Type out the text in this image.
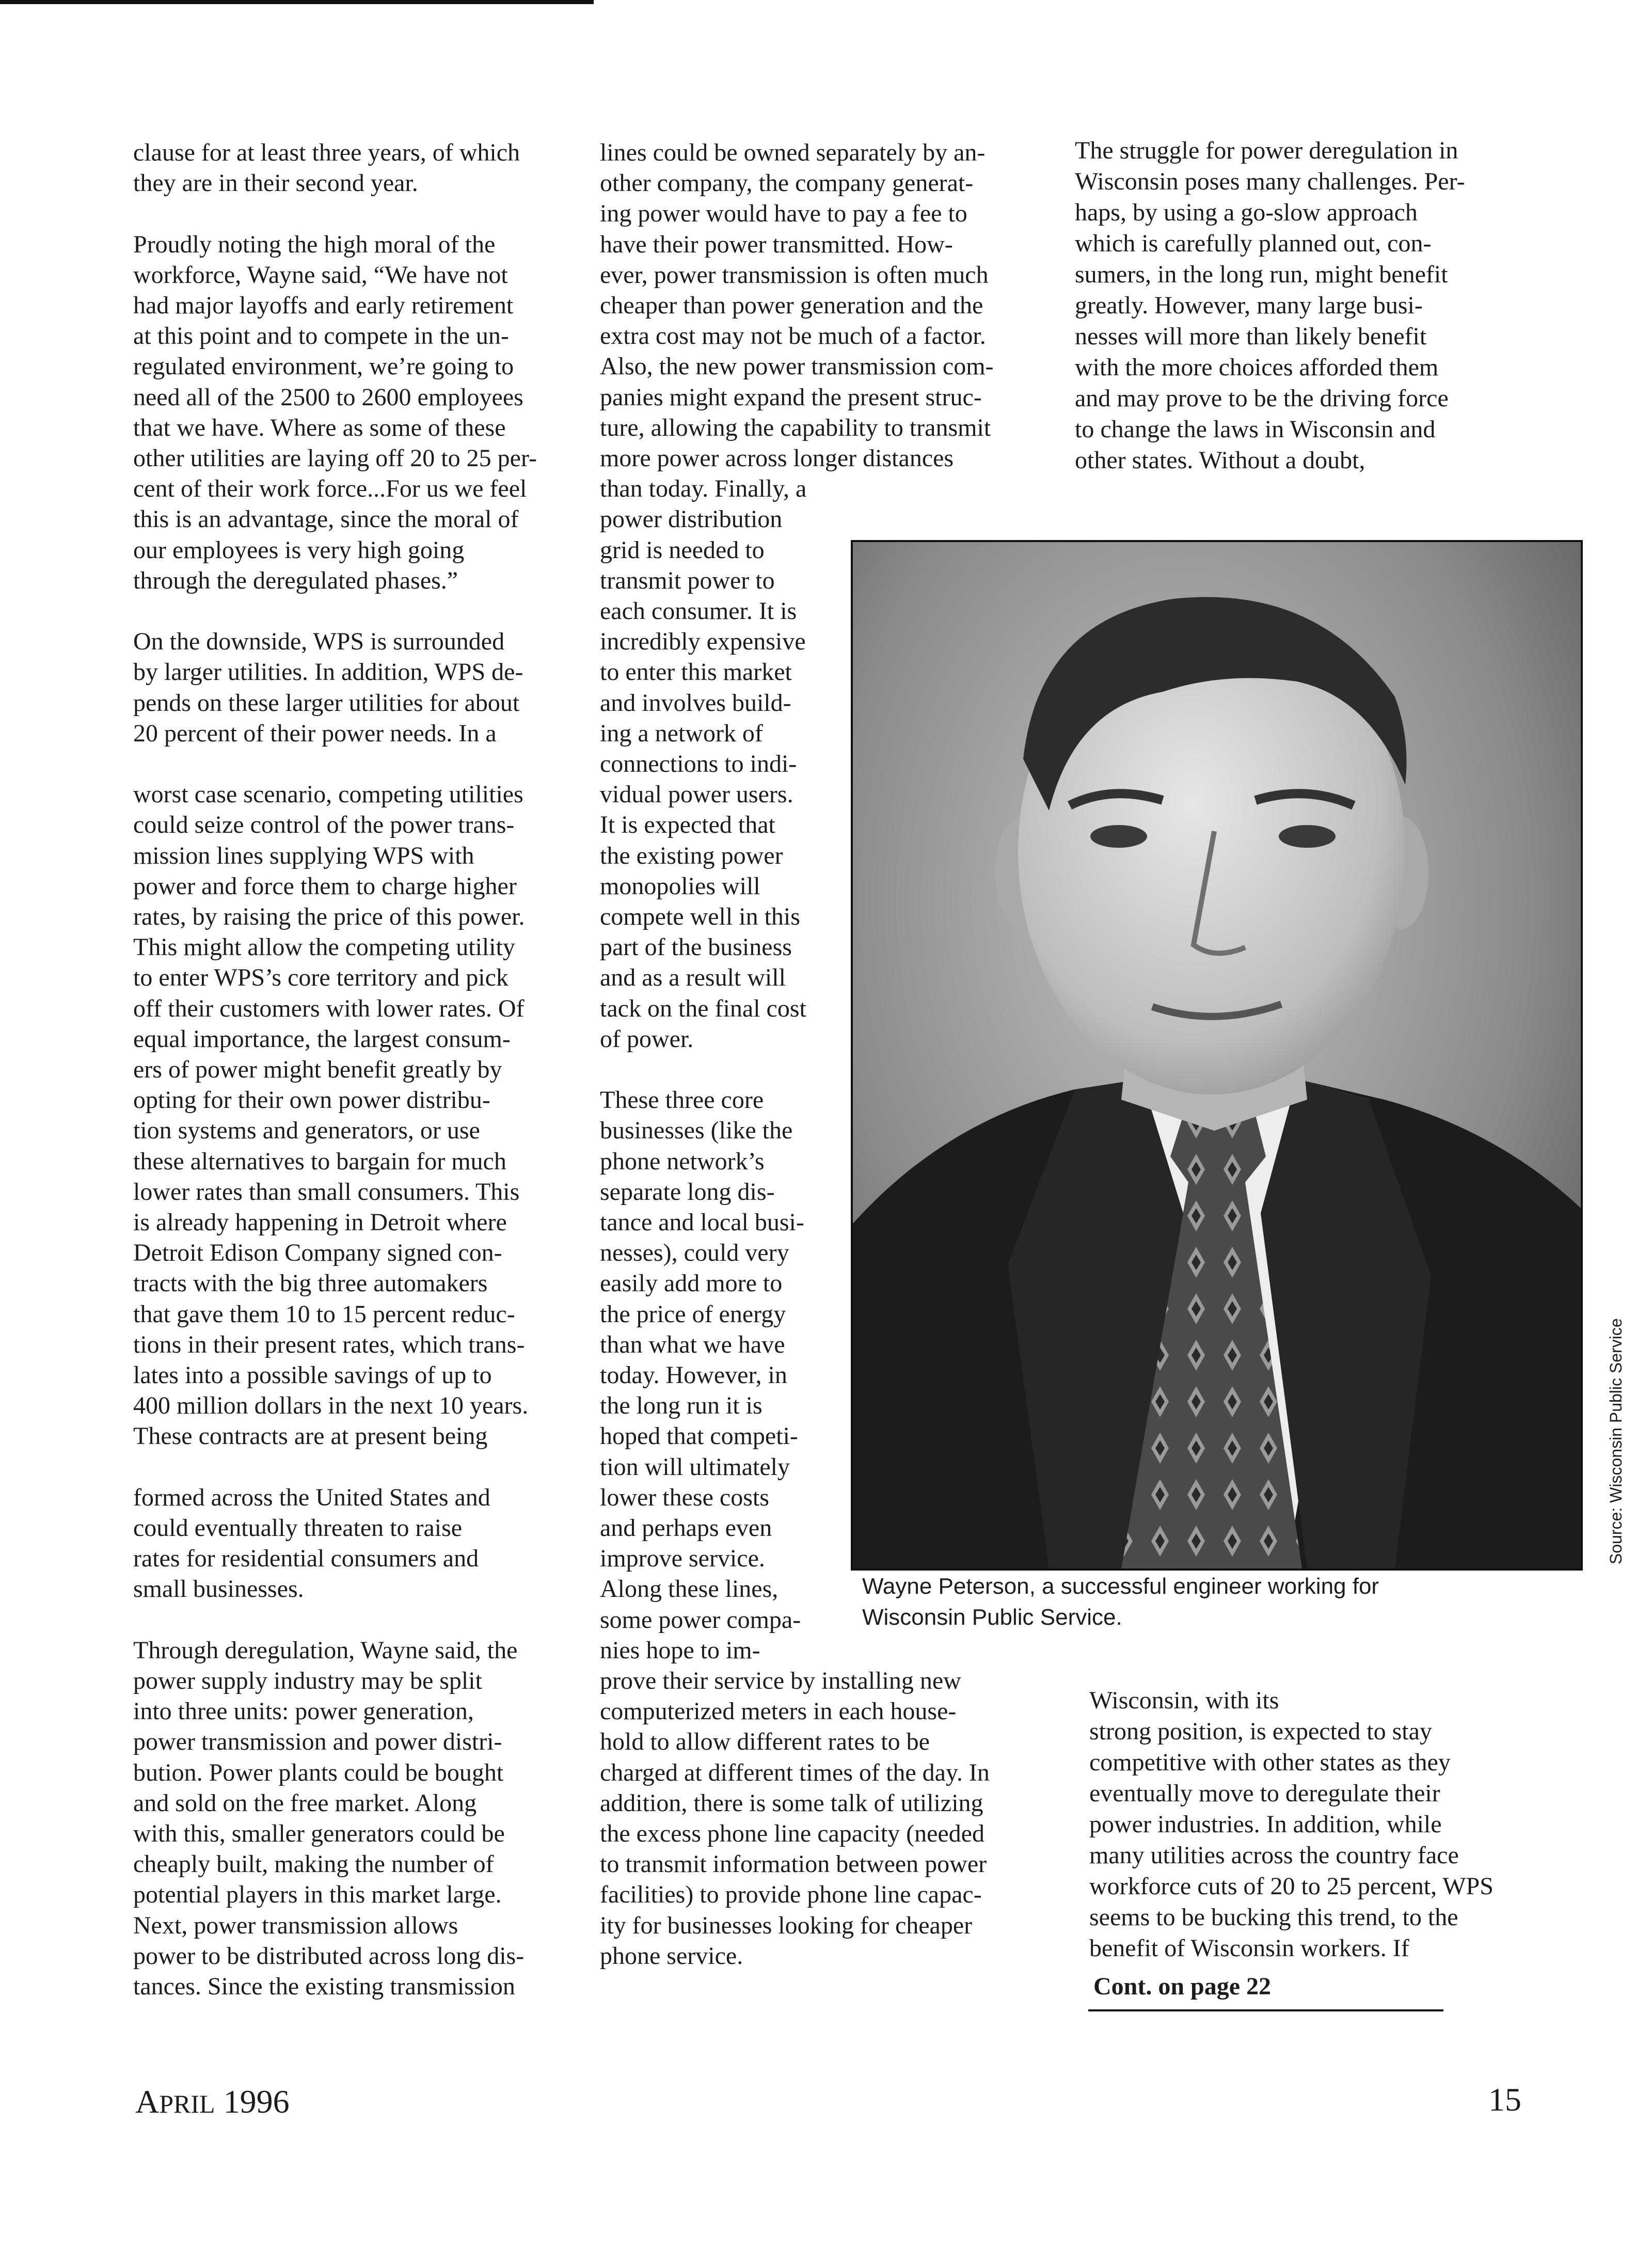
clause for at least three years, of which
they are in their second year.
Proudly noting the high moral of the
workforce, Wayne said, “We have not
had major layoffs and early retirement
at this point and to compete in the un-
regulated environment, we’re going to
need all of the 2500 to 2600 employees
that we have. Where as some of these
other utilities are laying off 20 to 25 per-
cent of their work force...For us we feel
this is an advantage, since the moral of
our employees is very high going
through the deregulated phases.”
On the downside, WPS is surrounded
by larger utilities. In addition, WPS de-
pends on these larger utilities for about
20 percent of their power needs. In a
worst case scenario, competing utilities
could seize control of the power trans-
mission lines supplying WPS with
power and force them to charge higher
rates, by raising the price of this power.
This might allow the competing utility
to enter WPS’s core territory and pick
off their customers with lower rates. Of
equal importance, the largest consum-
ers of power might benefit greatly by
opting for their own power distribu-
tion systems and generators, or use
these alternatives to bargain for much
lower rates than small consumers. This
is already happening in Detroit where
Detroit Edison Company signed con-
tracts with the big three automakers
that gave them 10 to 15 percent reduc-
tions in their present rates, which trans-
lates into a possible savings of up to
400 million dollars in the next 10 years.
These contracts are at present being
formed across the United States and
could eventually threaten to raise
rates for residential consumers and
small businesses.
Through deregulation, Wayne said, the
power supply industry may be split
into three units: power generation,
power transmission and power distri-
bution. Power plants could be bought
and sold on the free market. Along
with this, smaller generators could be
cheaply built, making the number of
potential players in this market large.
Next, power transmission allows
power to be distributed across long dis-
tances. Since the existing transmission
lines could be owned separately by an-
other company, the company generat-
ing power would have to pay a fee to
have their power transmitted. How-
ever, power transmission is often much
cheaper than power generation and the
extra cost may not be much of a factor.
Also, the new power transmission com-
panies might expand the present struc-
ture, allowing the capability to transmit
more power across longer distances
than today. Finally, a
power distribution
grid is needed to
transmit power to
each consumer. It is
incredibly expensive
to enter this market
and involves build-
ing a network of
connections to indi-
vidual power users.
It is expected that
the existing power
monopolies will
compete well in this
part of the business
and as a result will
tack on the final cost
of power.
These three core
businesses (like the
phone network’s
separate long dis-
tance and local busi-
nesses), could very
easily add more to
the price of energy
than what we have
today. However, in
the long run it is
hoped that competi-
tion will ultimately
lower these costs
and perhaps even
improve service.
Along these lines,
some power compa-
nies hope to im-
prove their service by installing new
computerized meters in each house-
hold to allow different rates to be
charged at different times of the day. In
addition, there is some talk of utilizing
the excess phone line capacity (needed
to transmit information between power
facilities) to provide phone line capac-
ity for businesses looking for cheaper
phone service.
The struggle for power deregulation in
Wisconsin poses many challenges. Per-
haps, by using a go-slow approach
which is carefully planned out, con-
sumers, in the long run, might benefit
greatly. However, many large busi-
nesses will more than likely benefit
with the more choices afforded them
and may prove to be the driving force
to change the laws in Wisconsin and
other states. Without a doubt,
Wisconsin, with its
strong position, is expected to stay
competitive with other states as they
eventually move to deregulate their
power industries. In addition, while
many utilities across the country face
workforce cuts of 20 to 25 percent, WPS
seems to be bucking this trend, to the
benefit of Wisconsin workers. If
Wayne Peterson, a successful engineer working for
Wisconsin Public Service.
Source: Wisconsin Public Service
Cont. on page 22
APRIL 1996	15
